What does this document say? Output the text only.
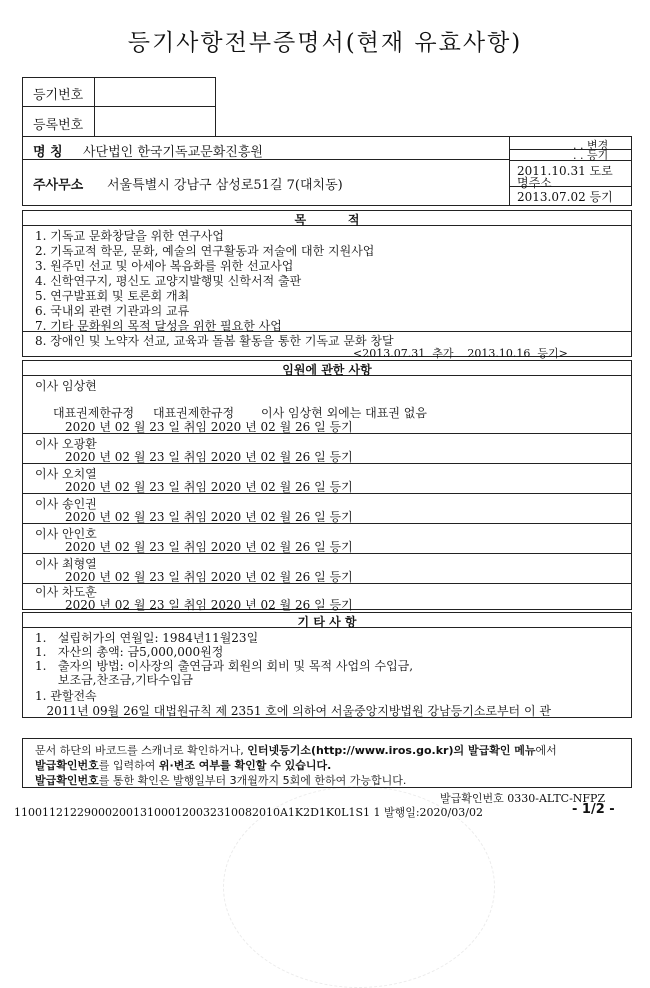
등기사항전부증명서(현재 유효사항)
등기번호
등록번호
명 칭 사단법인 한국기독교문화진흥원	. . 변경
. . 등기
주사무소 서울특별시 강남구 삼성로51길 7(대치동)
2011.10.31 도로
명주소
2013.07.02 등기
목          적
1. 기독교 문화창달을 위한 연구사업
2. 기독교적 학문, 문화, 예술의 연구활동과 저술에 대한 지원사업
3. 원주민 선교 및 아세아 복음화를 위한 선교사업
4. 신학연구지, 평신도 교양지발행및 신학서적 출판
5. 연구발표회 및 토론회 개최
6. 국내외 관련 기관과의 교류
7. 기타 문화원의 목적 달성을 위한 필요한 사업
8. 장애인 및 노약자 선교, 교육과 돌봄 활동을 통한 기독교 문화 창달
<2013.07.31  추가    2013.10.16  등기>
임원에 관한 사항
이사 임상현
대표권제한규정 대표권제한규정 이사 임상현 외에는 대표권 없음
2020 년 02 월 23 일 취임 2020 년 02 월 26 일 등기
이사 오광환
2020 년 02 월 23 일 취임 2020 년 02 월 26 일 등기
이사 오치열
2020 년 02 월 23 일 취임 2020 년 02 월 26 일 등기
이사 송인권
2020 년 02 월 23 일 취임 2020 년 02 월 26 일 등기
이사 안인호
2020 년 02 월 23 일 취임 2020 년 02 월 26 일 등기
이사 최형열
2020 년 02 월 23 일 취임 2020 년 02 월 26 일 등기
이사 차도훈
2020 년 02 월 23 일 취임 2020 년 02 월 26 일 등기
기 타 사 항
1.   설립허가의 연월일: 1984년11월23일
1.   자산의 총액: 금5,000,000원정
1.   출자의 방법: 이사장의 출연금과 회원의 회비 및 목적 사업의 수입금,
보조금,찬조금,기타수입금
1. 관할전속
2011년 09월 26일 대법원규칙 제 2351 호에 의하여 서울중앙지방법원 강남등기소로부터 이 관
문서 하단의 바코드를 스캐너로 확인하거나, 인터넷등기소(http://www.iros.go.kr)의 발급확인 메뉴에서
발급확인번호를 입력하여 위·변조 여부를 확인할 수 있습니다.
발급확인번호를 통한 확인은 발행일부터 3개월까지 5회에 한하여 가능합니다.
발급확인번호 0330-ALTC-NFPZ
11001121229000200131000120032310082010A1K2D1K0L1S1 1 발행일:2020/03/02	- 1/2 -
